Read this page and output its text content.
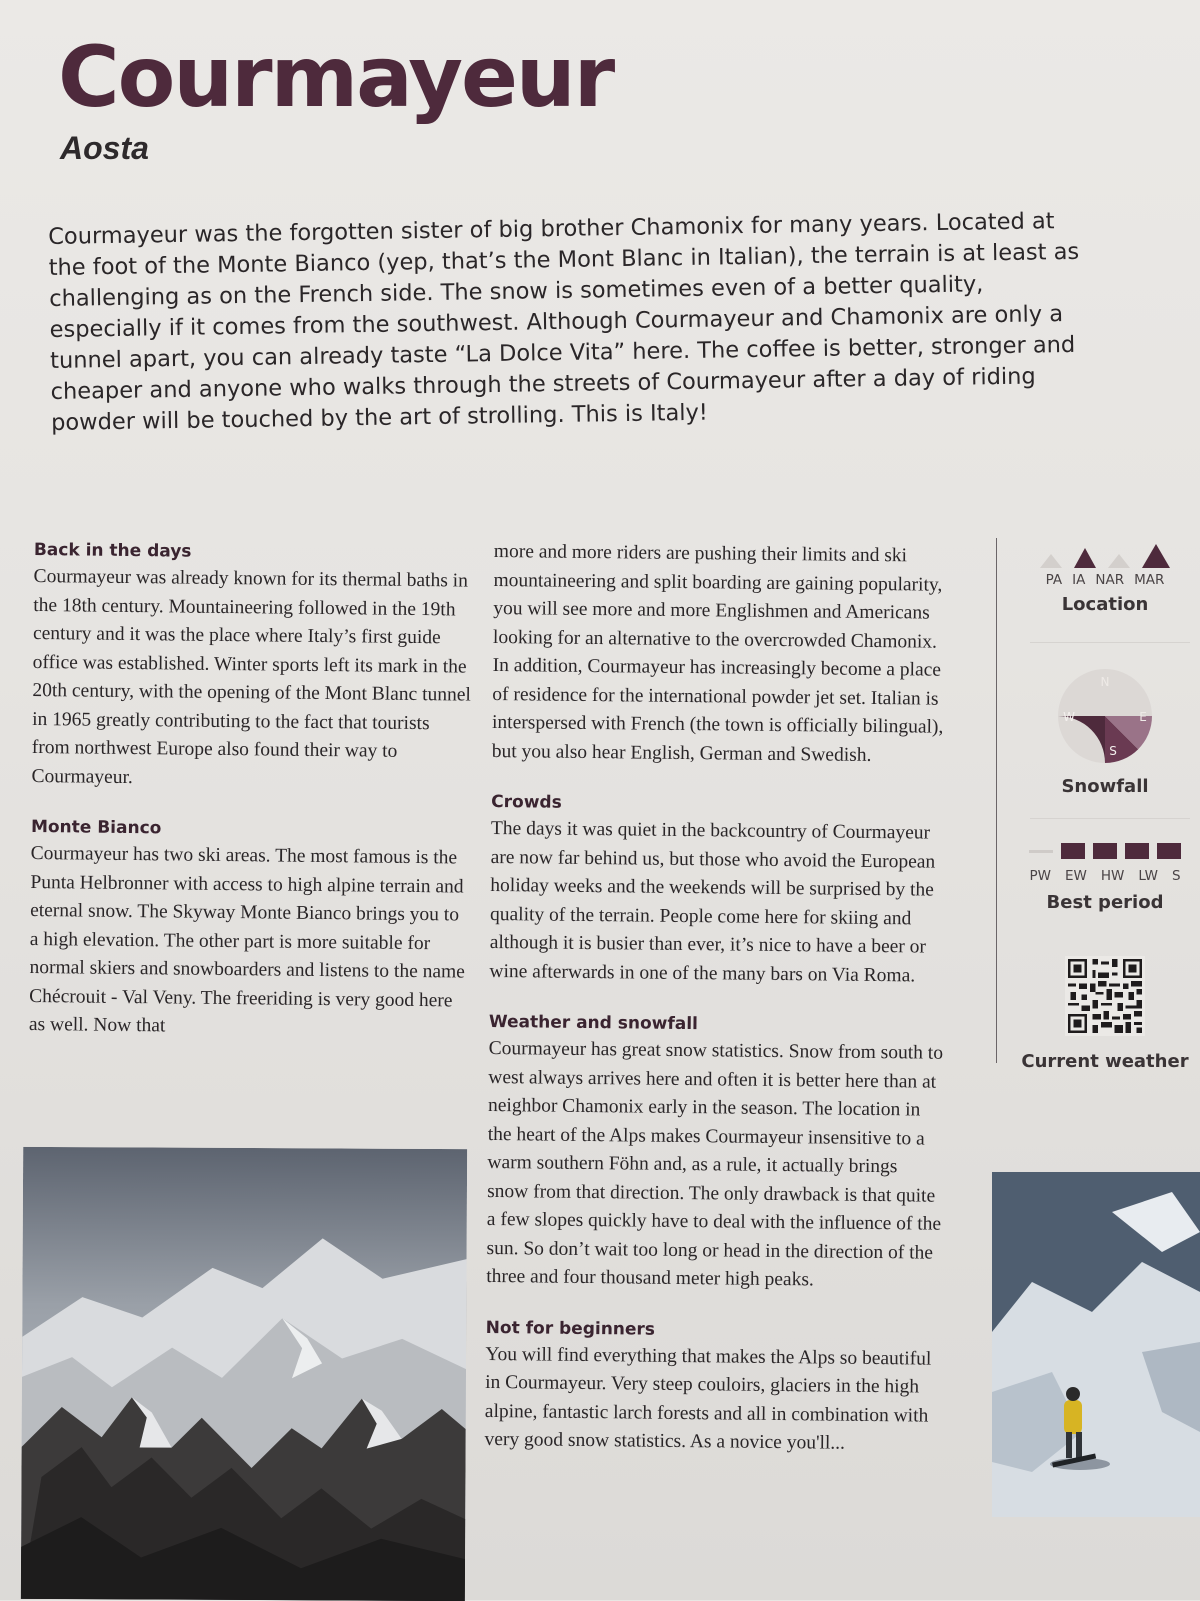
Courmayeur
Aosta

Courmayeur was the forgotten sister of big brother Chamonix for many years. Located at the foot of the Monte Bianco (yep, that’s the Mont Blanc in Italian), the terrain is at least as challenging as on the French side. The snow is sometimes even of a better quality, especially if it comes from the southwest. Although Courmayeur and Chamonix are only a tunnel apart, you can already taste “La Dolce Vita” here. The coffee is better, stronger and cheaper and anyone who walks through the streets of Courmayeur after a day of riding powder will be touched by the art of strolling. This is Italy!

Back in the days

Courmayeur was already known for its thermal baths in the 18th century. Mountaineering followed in the 19th century and it was the place where Italy’s first guide office was established. Winter sports left its mark in the 20th century, with the opening of the Mont Blanc tunnel in 1965 greatly contributing to the fact that tourists from northwest Europe also found their way to Courmayeur.

Monte Bianco

Courmayeur has two ski areas. The most famous is the Punta Helbronner with access to high alpine terrain and eternal snow. The Skyway Monte Bianco brings you to a high elevation. The other part is more suitable for normal skiers and snowboarders and listens to the name Chécrouit - Val Veny. The freeriding is very good here as well. Now that

more and more riders are pushing their limits and ski mountaineering and split boarding are gaining popularity, you will see more and more Englishmen and Americans looking for an alternative to the overcrowded Chamonix. In addition, Courmayeur has increasingly become a place of residence for the international powder jet set. Italian is interspersed with French (the town is officially bilingual), but you also hear English, German and Swedish.

Crowds

The days it was quiet in the backcountry of Courmayeur are now far behind us, but those who avoid the European holiday weeks and the weekends will be surprised by the quality of the terrain. People come here for skiing and although it is busier than ever, it’s nice to have a beer or wine afterwards in one of the many bars on Via Roma.

Weather and snowfall

Courmayeur has great snow statistics. Snow from south to west always arrives here and often it is better here than at neighbor Chamonix early in the season. The location in the heart of the Alps makes Courmayeur insensitive to a warm southern Föhn and, as a rule, it actually brings snow from that direction. The only drawback is that quite a few slopes quickly have to deal with the influence of the sun. So don’t wait too long or head in the direction of the three and four thousand meter high peaks.

Not for beginners

You will find everything that makes the Alps so beautiful in Courmayeur. Very steep couloirs, glaciers in the high alpine, fantastic larch forests and all in combination with very good snow statistics. As a novice you'll...

PA IA NAR MAR
Location
N
E
S
W
Snowfall
PW EW HW LW S
Best period
Current weather
